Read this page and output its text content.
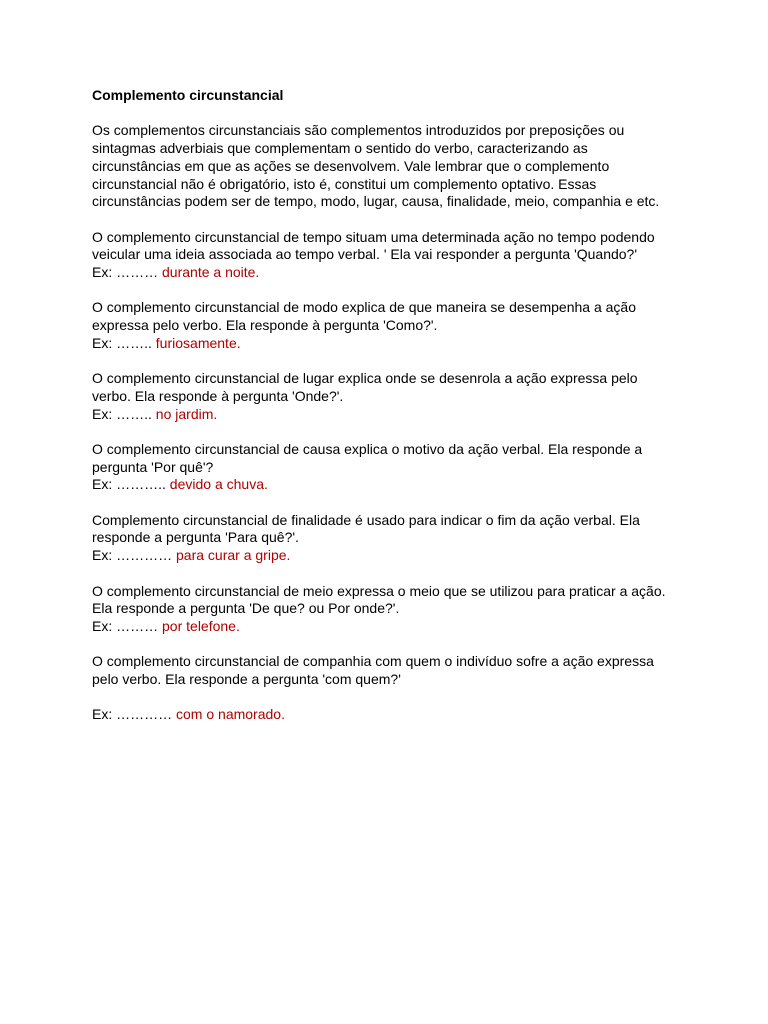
Complemento circunstancial
Os complementos circunstanciais são complementos introduzidos por preposições ou
sintagmas adverbiais que complementam o sentido do verbo, caracterizando as
circunstâncias em que as ações se desenvolvem. Vale lembrar que o complemento
circunstancial não é obrigatório, isto é, constitui um complemento optativo. Essas
circunstâncias podem ser de tempo, modo, lugar, causa, finalidade, meio, companhia e etc.
O complemento circunstancial de tempo situam uma determinada ação no tempo podendo
veicular uma ideia associada ao tempo verbal. ' Ela vai responder a pergunta 'Quando?'
Ex: ……… durante a noite.
O complemento circunstancial de modo explica de que maneira se desempenha a ação
expressa pelo verbo. Ela responde à pergunta 'Como?'.
Ex: …….. furiosamente.
O complemento circunstancial de lugar explica onde se desenrola a ação expressa pelo
verbo. Ela responde à pergunta 'Onde?'.
Ex: …….. no jardim.
O complemento circunstancial de causa explica o motivo da ação verbal. Ela responde a
pergunta 'Por quê'?
Ex: ……….. devido a chuva.
Complemento circunstancial de finalidade é usado para indicar o fim da ação verbal. Ela
responde a pergunta 'Para quê?'.
Ex: ………… para curar a gripe.
O complemento circunstancial de meio expressa o meio que se utilizou para praticar a ação.
Ela responde a pergunta 'De que? ou Por onde?'.
Ex: ……… por telefone.
O complemento circunstancial de companhia com quem o indivíduo sofre a ação expressa
pelo verbo. Ela responde a pergunta 'com quem?'
Ex: ………… com o namorado.
